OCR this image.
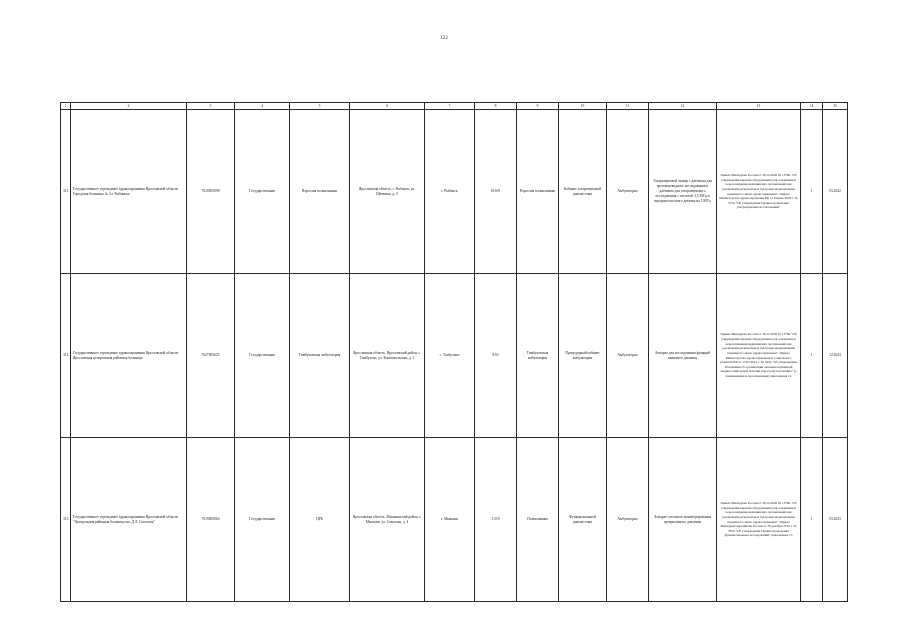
122
1	2	3	4	5	6	7	8	9	10	11	12	13	14	15
311.	Государственное учреждение здравоохранения Ярославской области Городская больница № 4 г. Рыбинска	7610053098	Государственная	Взрослая поликлиника	Ярославская область, г. Рыбинск, ул. Щепкина, д. 5	г. Рыбинск	18.691	Взрослая поликлиника	Кабинет ультразвуковой диагностики	Амбулаторно	Ультразвуковой сканер с датчиком для чреспищеводного исследования и датчиком для ультразвукового исследования с частотой 3,5 МГц и внутриполостного датчика на 5 МГц	Приказ Минздрава России от 28.12.2020 № 1379н "Об утверждении перечня оборудования для оснащения и переоснащения медицинских организаций при реализации региональных программ модернизации первичного звена здравоохранения". Приказ Министерства здравоохранения РФ от 8 июня 2020 г. № 557н "Об утверждении Правил проведения ультразвуковых исследований"	1	03.2022
312.	Государственное учреждение здравоохранения Ярославской области Ярославская центральная районная больница	7627003625	Государственная	Тимбуховская амбулатория	Ярославская область, Ярославский район, с. Тимбухово, ул. Комсомольская, д. 1	с. Толбухино	8.03	Тимбуховская амбулатория	Процедурный кабинет амбулатории	Амбулаторно	Аппарат для исследования функций внешнего дыхания	Приказ Минздрава России от 28.12.2020 № 1379н "Об утверждении перечня оборудования для оснащения и переоснащения медицинских организаций при реализации региональных программ модернизации первичного звена здравоохранения". Приказ Министерства здравоохранения и социального развития РФ от 15.05.2012 г. № 543н "Об утверждении Положения об организации оказания первичной медико-санитарной помощи взрослому населению" (с изменениями и дополнениями) приложение 14	1	12.2024
313.	Государственное учреждение здравоохранения Ярославской области "Центральная районная больница им. Д.Л. Соколова"	7619005064	Государственная	ЦРБ	Ярославская область, Мышкинский район, г. Мышкин, ул. Соколова, д. 4	г. Мышкин	3.519	Поликлиника	Функциональной диагностики	Амбулаторно	Аппарат суточного мониторирования артериального давления	Приказ Минздрава России от 28.12.2020 № 1379н "Об утверждении перечня оборудования для оснащения и переоснащения медицинских организаций при реализации региональных программ модернизации первичного звена здравоохранения". Приказ Минздравсоцразвития России от 28 декабря 2016 г. № 587н "Об утверждении Правил проведения функциональных исследований" приложение 15	1	03.2023
